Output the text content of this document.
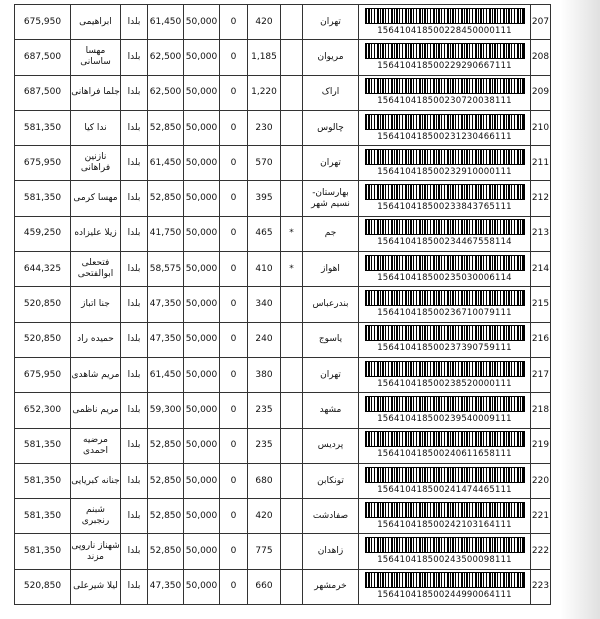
675,950	ابراهیمی	بلدا	61,450	50,000	0	420		تهران	156410418500228450000111	207
687,500	مهسا ساسانی	بلدا	62,500	50,000	0	1,185		مریوان	156410418500229290667111	208
687,500	جلما فراهانی	بلدا	62,500	50,000	0	1,220		اراک	156410418500230720038111	209
581,350	ندا کیا	بلدا	52,850	50,000	0	230		چالوس	156410418500231230466111	210
675,950	نازنین فراهانی	بلدا	61,450	50,000	0	570		تهران	156410418500232910000111	211
581,350	مهسا کرمی	بلدا	52,850	50,000	0	395		بهارستان-نسیم شهر	156410418500233843765111	212
459,250	زیلا علیزاده	بلدا	41,750	50,000	0	465	*	جم	156410418500234467558114	213
644,325	فتحعلی ابوالفتحی	بلدا	58,575	50,000	0	410	*	اهواز	156410418500235030006114	214
520,850	جنا اتباز	بلدا	47,350	50,000	0	340		بندرعباس	156410418500236710079111	215
520,850	حمیده راد	بلدا	47,350	50,000	0	240		یاسوج	156410418500237390759111	216
675,950	مریم شاهدی	بلدا	61,450	50,000	0	380		تهران	156410418500238520000111	217
652,300	مریم ناظمی	بلدا	59,300	50,000	0	235		مشهد	156410418500239540009111	218
581,350	مرضیه احمدی	بلدا	52,850	50,000	0	235		پردیس	156410418500240611658111	219
581,350	جنانه کبریایی	بلدا	52,850	50,000	0	680		تونکابن	156410418500241474465111	220
581,350	شبنم رنجبری	بلدا	52,850	50,000	0	420		صفادشت	156410418500242103164111	221
581,350	شهناز ناروپی مزند	بلدا	52,850	50,000	0	775		زاهدان	156410418500243500098111	222
520,850	لیلا شیرعلی	بلدا	47,350	50,000	0	660		خرمشهر	156410418500244990064111	223
